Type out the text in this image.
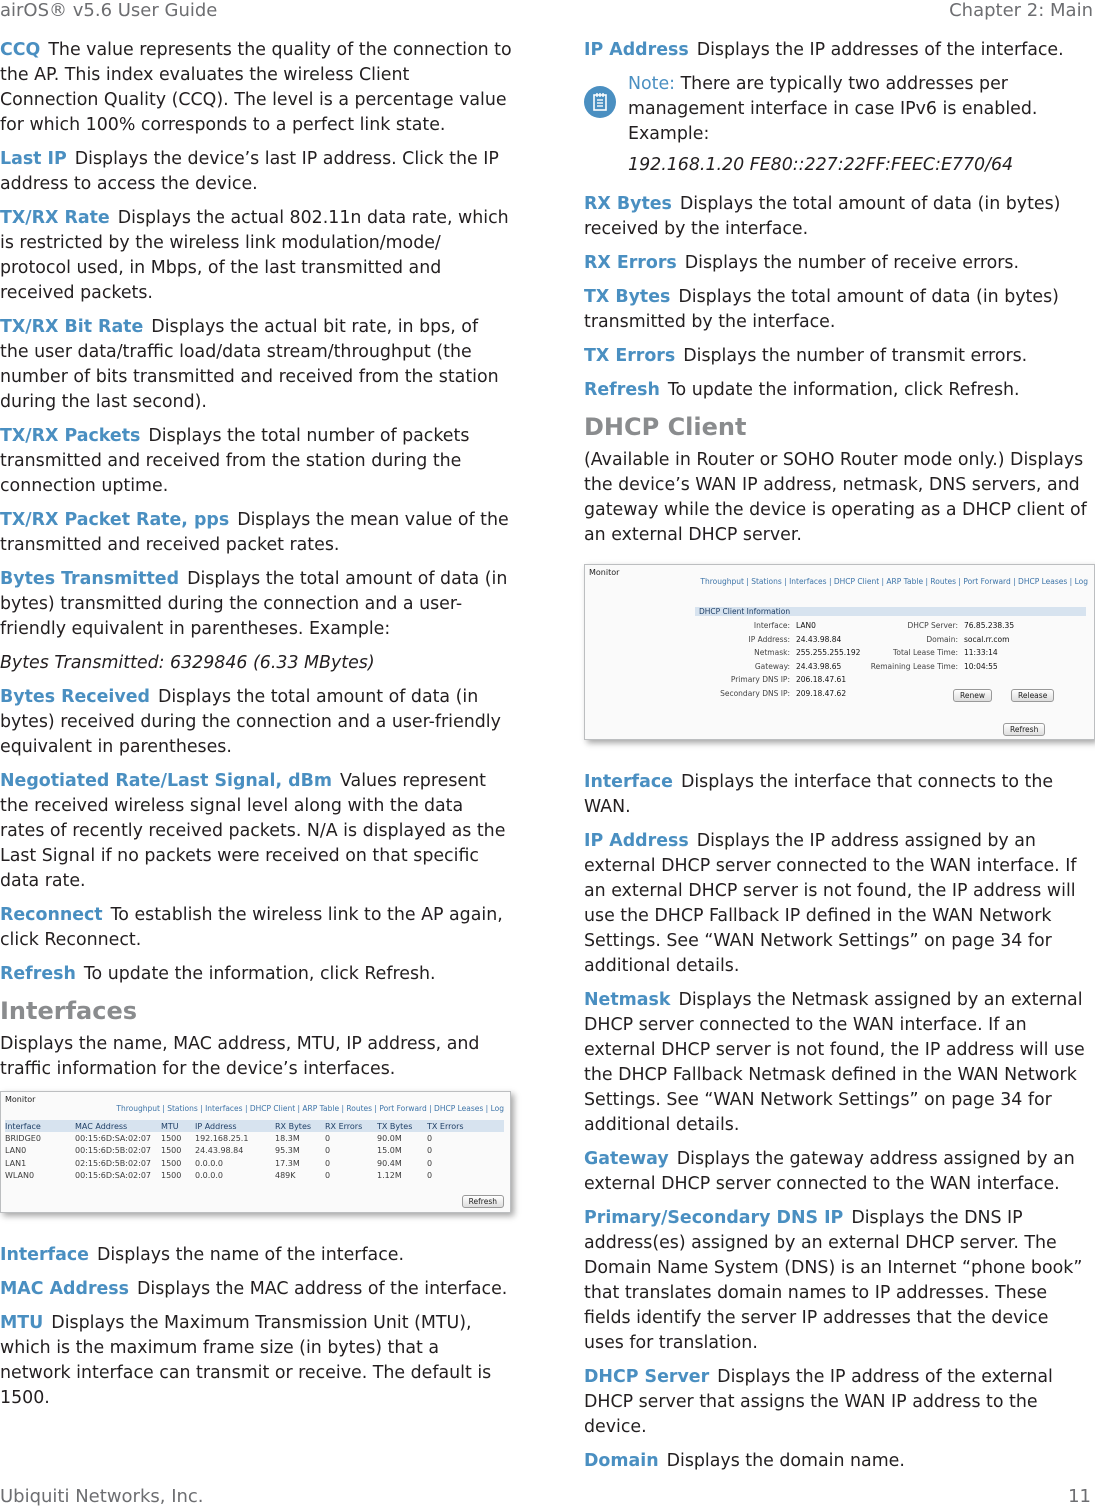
airOS® v5.6 User Guide	Chapter 2: Main

CCQ The value represents the quality of the connection to the AP. This index evaluates the wireless Client Connection Quality (CCQ). The level is a percentage value for which 100% corresponds to a perfect link state.

Last IP Displays the device’s last IP address. Click the IP address to access the device.

TX/RX Rate Displays the actual 802.11n data rate, which is restricted by the wireless link modulation/mode/ protocol used, in Mbps, of the last transmitted and received packets.

TX/RX Bit Rate Displays the actual bit rate, in bps, of the user data/traffic load/data stream/throughput (the number of bits transmitted and received from the station during the last second).

TX/RX Packets Displays the total number of packets transmitted and received from the station during the connection uptime.

TX/RX Packet Rate, pps Displays the mean value of the transmitted and received packet rates.

Bytes Transmitted Displays the total amount of data (in bytes) transmitted during the connection and a user-friendly equivalent in parentheses. Example:

Bytes Transmitted: 6329846 (6.33 MBytes)

Bytes Received Displays the total amount of data (in bytes) received during the connection and a user-friendly equivalent in parentheses.

Negotiated Rate/Last Signal, dBm Values represent the received wireless signal level along with the data rates of recently received packets. N/A is displayed as the Last Signal if no packets were received on that specific data rate.

Reconnect To establish the wireless link to the AP again, click Reconnect.

Refresh To update the information, click Refresh.

Interfaces

Displays the name, MAC address, MTU, IP address, and traffic information for the device’s interfaces.

Monitor
Throughput | Stations | Interfaces | DHCP Client | ARP Table | Routes | Port Forward | DHCP Leases | Log
Interface	MAC Address	MTU	IP Address	RX Bytes	RX Errors	TX Bytes	TX Errors
BRIDGE0	00:15:6D:SA:02:07	1500	192.168.25.1	18.3M	0	90.0M	0
LAN0	00:15:6D:5B:02:07	1500	24.43.98.84	95.3M	0	15.0M	0
LAN1	02:15:6D:5B:02:07	1500	0.0.0.0	17.3M	0	90.4M	0
WLAN0	00:15:6D:SA:02:07	1500	0.0.0.0	489K	0	1.12M	0
Refresh

Interface Displays the name of the interface.

MAC Address Displays the MAC address of the interface.

MTU Displays the Maximum Transmission Unit (MTU), which is the maximum frame size (in bytes) that a network interface can transmit or receive. The default is 1500.

IP Address Displays the IP addresses of the interface.

Note: There are typically two addresses per management interface in case IPv6 is enabled. Example:

192.168.1.20 FE80::227:22FF:FEEC:E770/64

RX Bytes Displays the total amount of data (in bytes) received by the interface.

RX Errors Displays the number of receive errors.

TX Bytes Displays the total amount of data (in bytes) transmitted by the interface.

TX Errors Displays the number of transmit errors.

Refresh To update the information, click Refresh.

DHCP Client

(Available in Router or SOHO Router mode only.) Displays the device’s WAN IP address, netmask, DNS servers, and gateway while the device is operating as a DHCP client of an external DHCP server.

Monitor
Throughput | Stations | Interfaces | DHCP Client | ARP Table | Routes | Port Forward | DHCP Leases | Log
DHCP Client Information
Interface: LAN0
IP Address: 24.43.98.84
Netmask: 255.255.255.192
Gateway: 24.43.98.65
Primary DNS IP: 206.18.47.61
Secondary DNS IP: 209.18.47.62
DHCP Server: 76.85.238.35
Domain: socal.rr.com
Total Lease Time: 11:33:14
Remaining Lease Time: 10:04:55
Renew	Release
Refresh

Interface Displays the interface that connects to the WAN.

IP Address Displays the IP address assigned by an external DHCP server connected to the WAN interface. If an external DHCP server is not found, the IP address will use the DHCP Fallback IP defined in the WAN Network Settings. See “WAN Network Settings” on page 34 for additional details.

Netmask Displays the Netmask assigned by an external DHCP server connected to the WAN interface. If an external DHCP server is not found, the IP address will use the DHCP Fallback Netmask defined in the WAN Network Settings. See “WAN Network Settings” on page 34 for additional details.

Gateway Displays the gateway address assigned by an external DHCP server connected to the WAN interface.

Primary/Secondary DNS IP Displays the DNS IP address(es) assigned by an external DHCP server. The Domain Name System (DNS) is an Internet “phone book” that translates domain names to IP addresses. These fields identify the server IP addresses that the device uses for translation.

DHCP Server Displays the IP address of the external DHCP server that assigns the WAN IP address to the device.

Domain Displays the domain name.

Ubiquiti Networks, Inc.	11
